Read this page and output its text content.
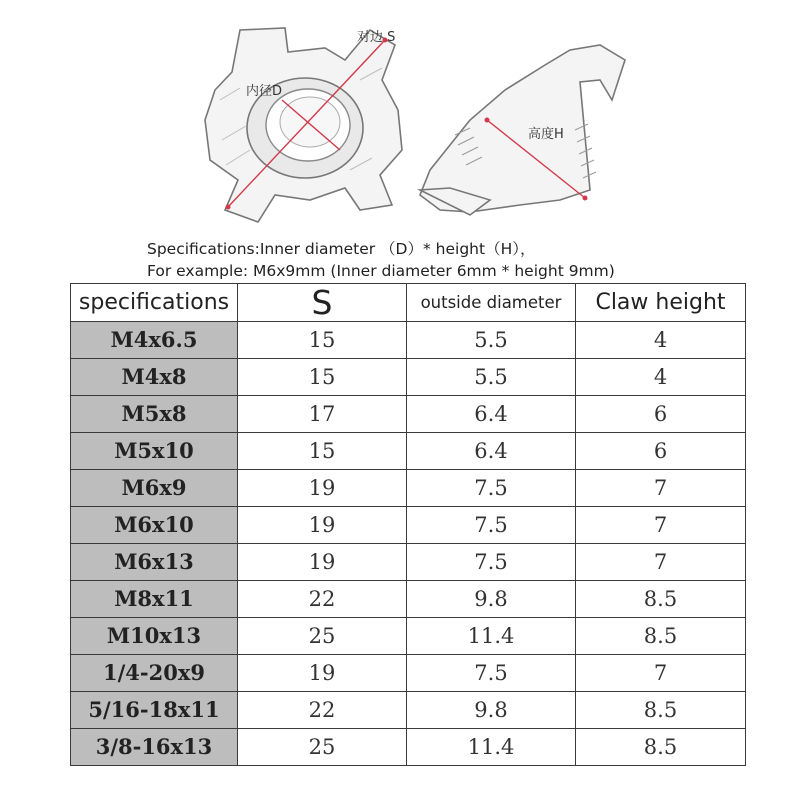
对边 S
内径D
高度H
Specifications:Inner diameter （D）* height（H），
For example: M6x9mm (Inner diameter 6mm * height 9mm)
specifications	S	outside diameter	Claw height
M4x6.5	15	5.5	4
M4x8	15	5.5	4
M5x8	17	6.4	6
M5x10	15	6.4	6
M6x9	19	7.5	7
M6x10	19	7.5	7
M6x13	19	7.5	7
M8x11	22	9.8	8.5
M10x13	25	11.4	8.5
1/4-20x9	19	7.5	7
5/16-18x11	22	9.8	8.5
3/8-16x13	25	11.4	8.5
